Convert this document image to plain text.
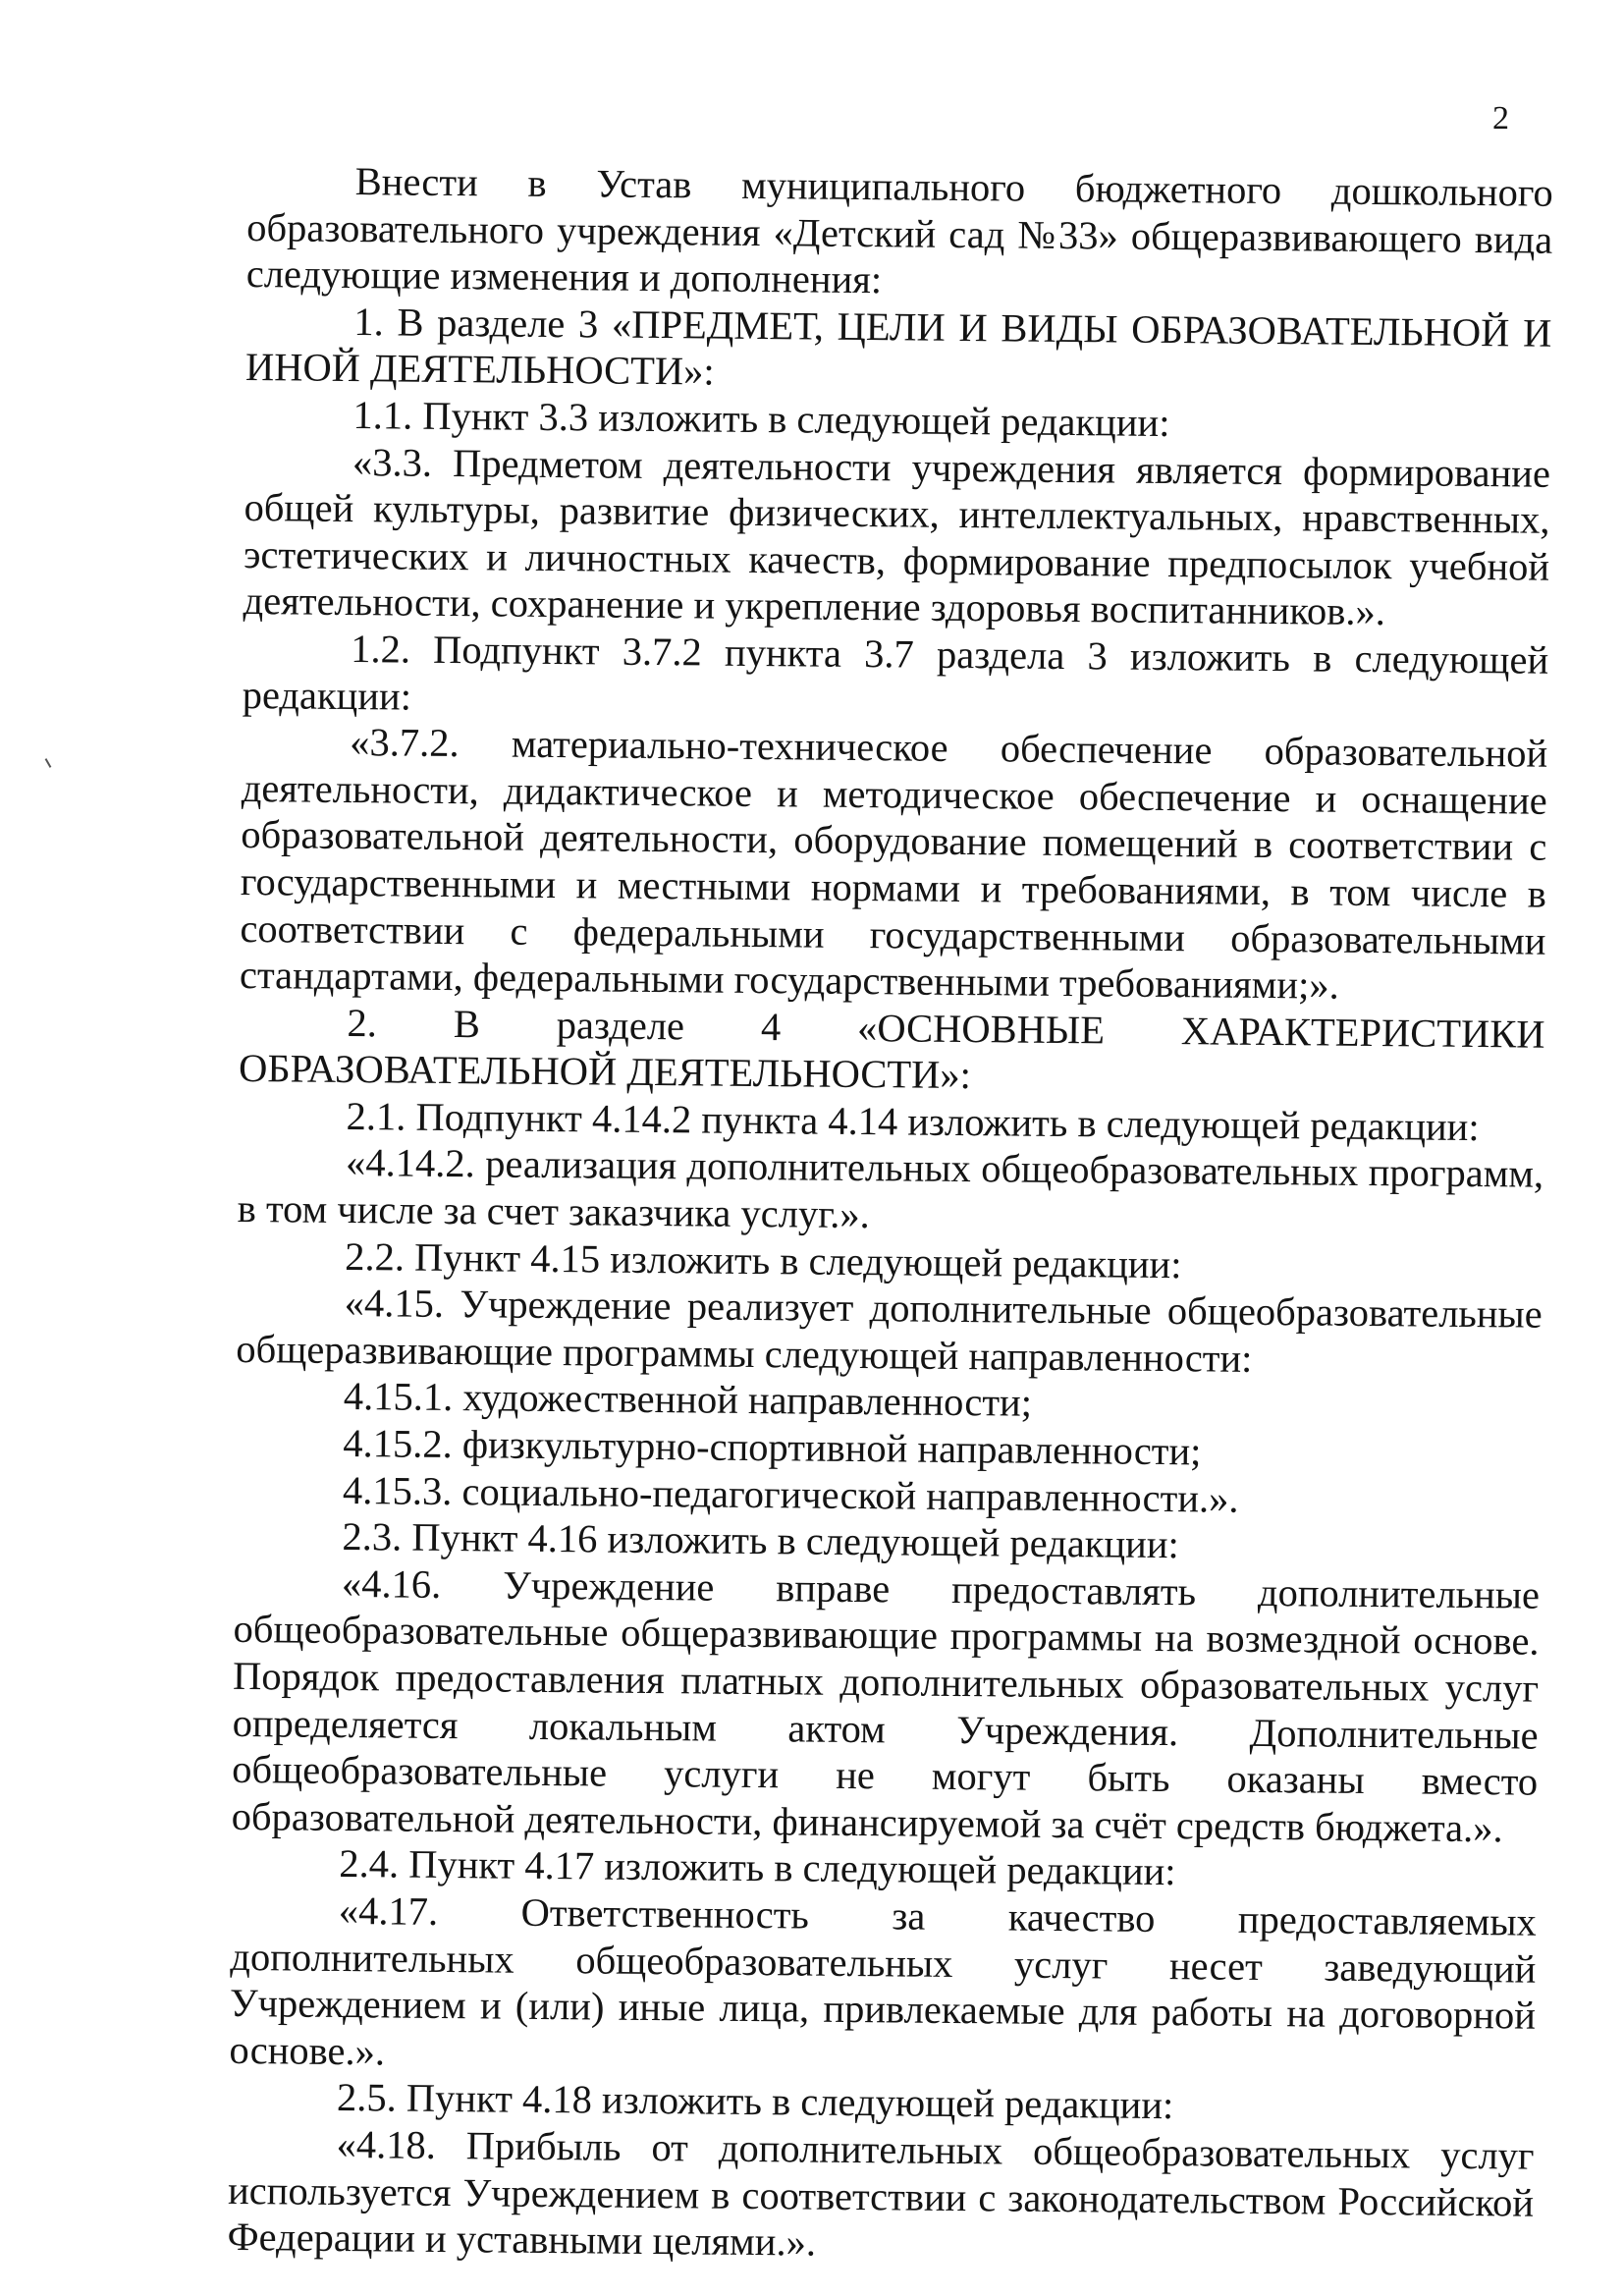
2

Внести в Устав муниципального бюджетного дошкольного образовательного учреждения «Детский сад №33» общеразвивающего вида следующие изменения и дополнения:

1. В разделе 3 «ПРЕДМЕТ, ЦЕЛИ И ВИДЫ ОБРАЗОВАТЕЛЬНОЙ И ИНОЙ ДЕЯТЕЛЬНОСТИ»:

1.1. Пункт 3.3 изложить в следующей редакции:

«3.3. Предметом деятельности учреждения является формирование общей культуры, развитие физических, интеллектуальных, нравственных, эстетических и личностных качеств, формирование предпосылок учебной деятельности, сохранение и укрепление здоровья воспитанников.».

1.2. Подпункт 3.7.2 пункта 3.7 раздела 3 изложить в следующей редакции:

«3.7.2. материально-техническое обеспечение образовательной деятельности, дидактическое и методическое обеспечение и оснащение образовательной деятельности, оборудование помещений в соответствии с государственными и местными нормами и требованиями, в том числе в соответствии с федеральными государственными образовательными стандартами, федеральными государственными требованиями;».

2. В разделе 4 «ОСНОВНЫЕ ХАРАКТЕРИСТИКИ ОБРАЗОВАТЕЛЬНОЙ ДЕЯТЕЛЬНОСТИ»:

2.1. Подпункт 4.14.2 пункта 4.14 изложить в следующей редакции:

«4.14.2. реализация дополнительных общеобразовательных программ, в том числе за счет заказчика услуг.».

2.2. Пункт 4.15 изложить в следующей редакции:

«4.15. Учреждение реализует дополнительные общеобразовательные общеразвивающие программы следующей направленности:

4.15.1. художественной направленности;

4.15.2. физкультурно-спортивной направленности;

4.15.3. социально-педагогической направленности.».

2.3. Пункт 4.16 изложить в следующей редакции:

«4.16. Учреждение вправе предоставлять дополнительные общеобразовательные общеразвивающие программы на возмездной основе. Порядок предоставления платных дополнительных образовательных услуг определяется локальным актом Учреждения. Дополнительные общеобразовательные услуги не могут быть оказаны вместо образовательной деятельности, финансируемой за счёт средств бюджета.».

2.4. Пункт 4.17 изложить в следующей редакции:

«4.17. Ответственность за качество предоставляемых дополнительных общеобразовательных услуг несет заведующий Учреждением и (или) иные лица, привлекаемые для работы на договорной основе.».

2.5. Пункт 4.18 изложить в следующей редакции:

«4.18. Прибыль от дополнительных общеобразовательных услуг используется Учреждением в соответствии с законодательством Российской Федерации и уставными целями.».
